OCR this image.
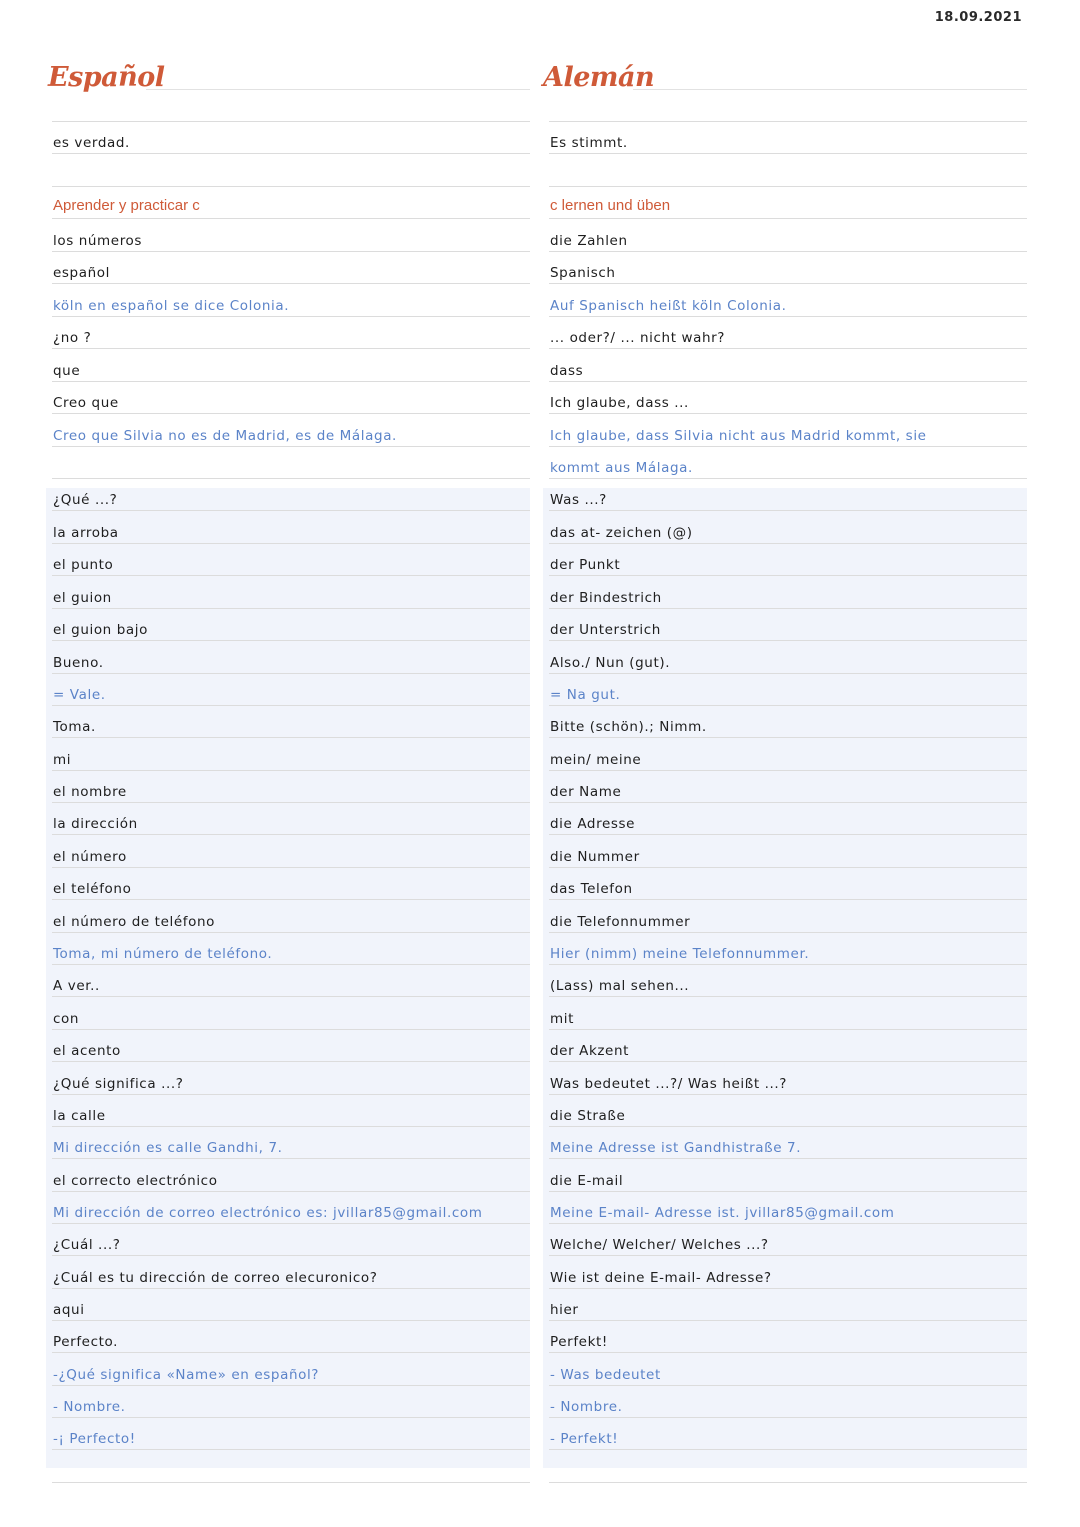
18.09.2021
Español	Alemán
es verdad.	Es stimmt.
Aprender y practicar c	c lernen und üben
los números	die Zahlen
español	Spanisch
köln en español se dice Colonia.	Auf Spanisch heißt köln Colonia.
¿no ?	... oder?/ ... nicht wahr?
que	dass
Creo que	Ich glaube, dass ...
Creo que Silvia no es de Madrid, es de Málaga.	Ich glaube, dass Silvia nicht aus Madrid kommt, sie
kommt aus Málaga.
¿Qué ...?	Was ...?
la arroba	das at- zeichen (@)
el punto	der Punkt
el guion	der Bindestrich
el guion bajo	der Unterstrich
Bueno.	Also./ Nun (gut).
= Vale.	= Na gut.
Toma.	Bitte (schön).; Nimm.
mi	mein/ meine
el nombre	der Name
la dirección	die Adresse
el número	die Nummer
el teléfono	das Telefon
el número de teléfono	die Telefonnummer
Toma, mi número de teléfono.	Hier (nimm) meine Telefonnummer.
A ver..	(Lass) mal sehen...
con	mit
el acento	der Akzent
¿Qué significa ...?	Was bedeutet ...?/ Was heißt ...?
la calle	die Straße
Mi dirección es calle Gandhi, 7.	Meine Adresse ist Gandhistraße 7.
el correcto electrónico	die E-mail
Mi dirección de correo electrónico es: jvillar85@gmail.com	Meine E-mail- Adresse ist. jvillar85@gmail.com
¿Cuál ...?	Welche/ Welcher/ Welches ...?
¿Cuál es tu dirección de correo elecuronico?	Wie ist deine E-mail- Adresse?
aqui	hier
Perfecto.	Perfekt!
-¿Qué significa «Name» en español?	- Was bedeutet
- Nombre.	- Nombre.
-¡ Perfecto!	- Perfekt!
